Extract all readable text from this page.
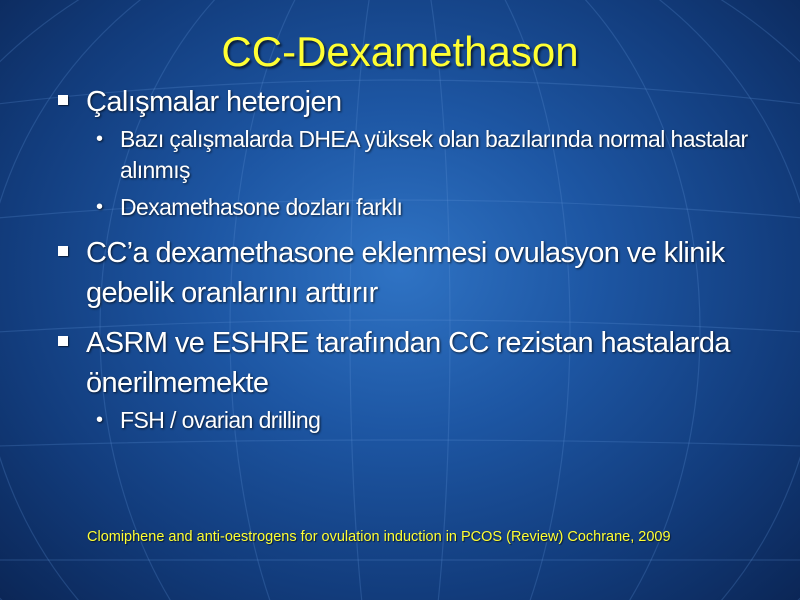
CC-Dexamethason
Çalışmalar heterojen
• Bazı çalışmalarda DHEA yüksek olan bazılarında normal hastalar alınmış
• Dexamethasone dozları farklı
CC’a dexamethasone eklenmesi ovulasyon ve klinik gebelik oranlarını arttırır
ASRM ve ESHRE tarafından CC rezistan hastalarda önerilmemekte
• FSH / ovarian drilling
Clomiphene and anti-oestrogens for ovulation induction in PCOS (Review) Cochrane, 2009
